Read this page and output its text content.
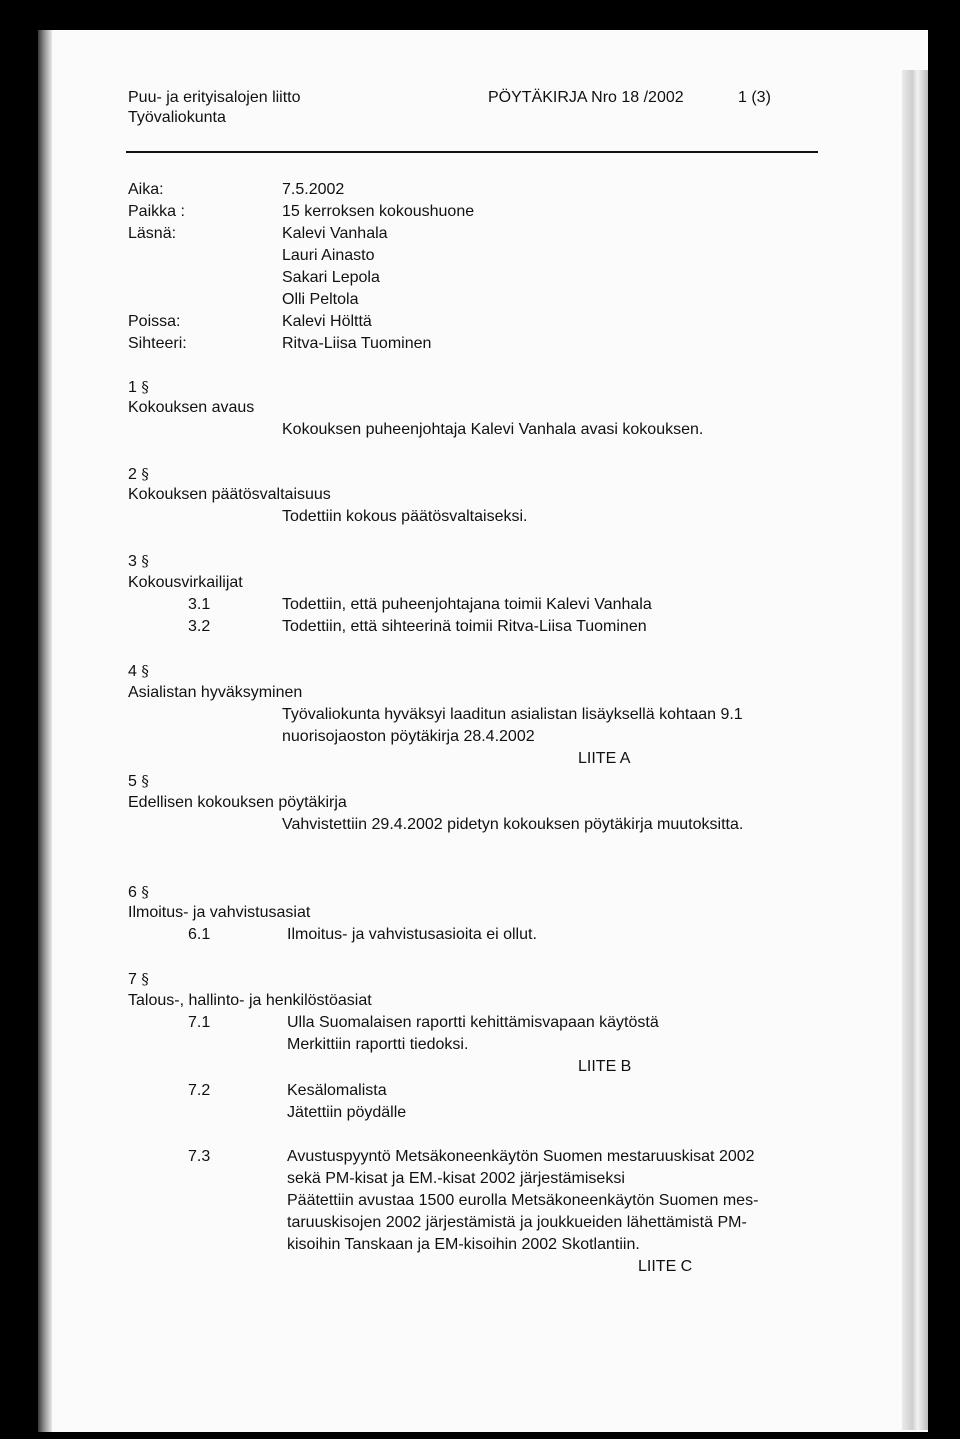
Puu- ja erityisalojen liitto
Työvaliokunta
PÖYTÄKIRJA Nro 18 /2002	1 (3)
Aika:	7.5.2002
Paikka :	15 kerroksen kokoushuone
Läsnä:	Kalevi Vanhala
Lauri Ainasto
Sakari Lepola
Olli Peltola
Poissa:	Kalevi Hölttä
Sihteeri:	Ritva-Liisa Tuominen
1 §
Kokouksen avaus
Kokouksen puheenjohtaja Kalevi Vanhala avasi kokouksen.
2 §
Kokouksen päätösvaltaisuus
Todettiin kokous päätösvaltaiseksi.
3 §
Kokousvirkailijat
3.1	Todettiin, että puheenjohtajana toimii Kalevi Vanhala
3.2	Todettiin, että sihteerinä toimii Ritva-Liisa Tuominen
4 §
Asialistan hyväksyminen
Työvaliokunta hyväksyi laaditun asialistan lisäyksellä kohtaan 9.1
nuorisojaoston pöytäkirja 28.4.2002
LIITE A
5 §
Edellisen kokouksen pöytäkirja
Vahvistettiin 29.4.2002 pidetyn kokouksen pöytäkirja muutoksitta.
6 §
Ilmoitus- ja vahvistusasiat
6.1	Ilmoitus- ja vahvistusasioita ei ollut.
7 §
Talous-, hallinto- ja henkilöstöasiat
7.1	Ulla Suomalaisen raportti kehittämisvapaan käytöstä
Merkittiin raportti tiedoksi.
LIITE B
7.2	Kesälomalista
Jätettiin pöydälle
7.3	Avustuspyyntö Metsäkoneenkäytön Suomen mestaruuskisat 2002
sekä PM-kisat ja EM.-kisat 2002 järjestämiseksi
Päätettiin avustaa 1500 eurolla Metsäkoneenkäytön Suomen mes-
taruuskisojen 2002 järjestämistä ja joukkueiden lähettämistä PM-
kisoihin Tanskaan ja EM-kisoihin 2002 Skotlantiin.
LIITE C
